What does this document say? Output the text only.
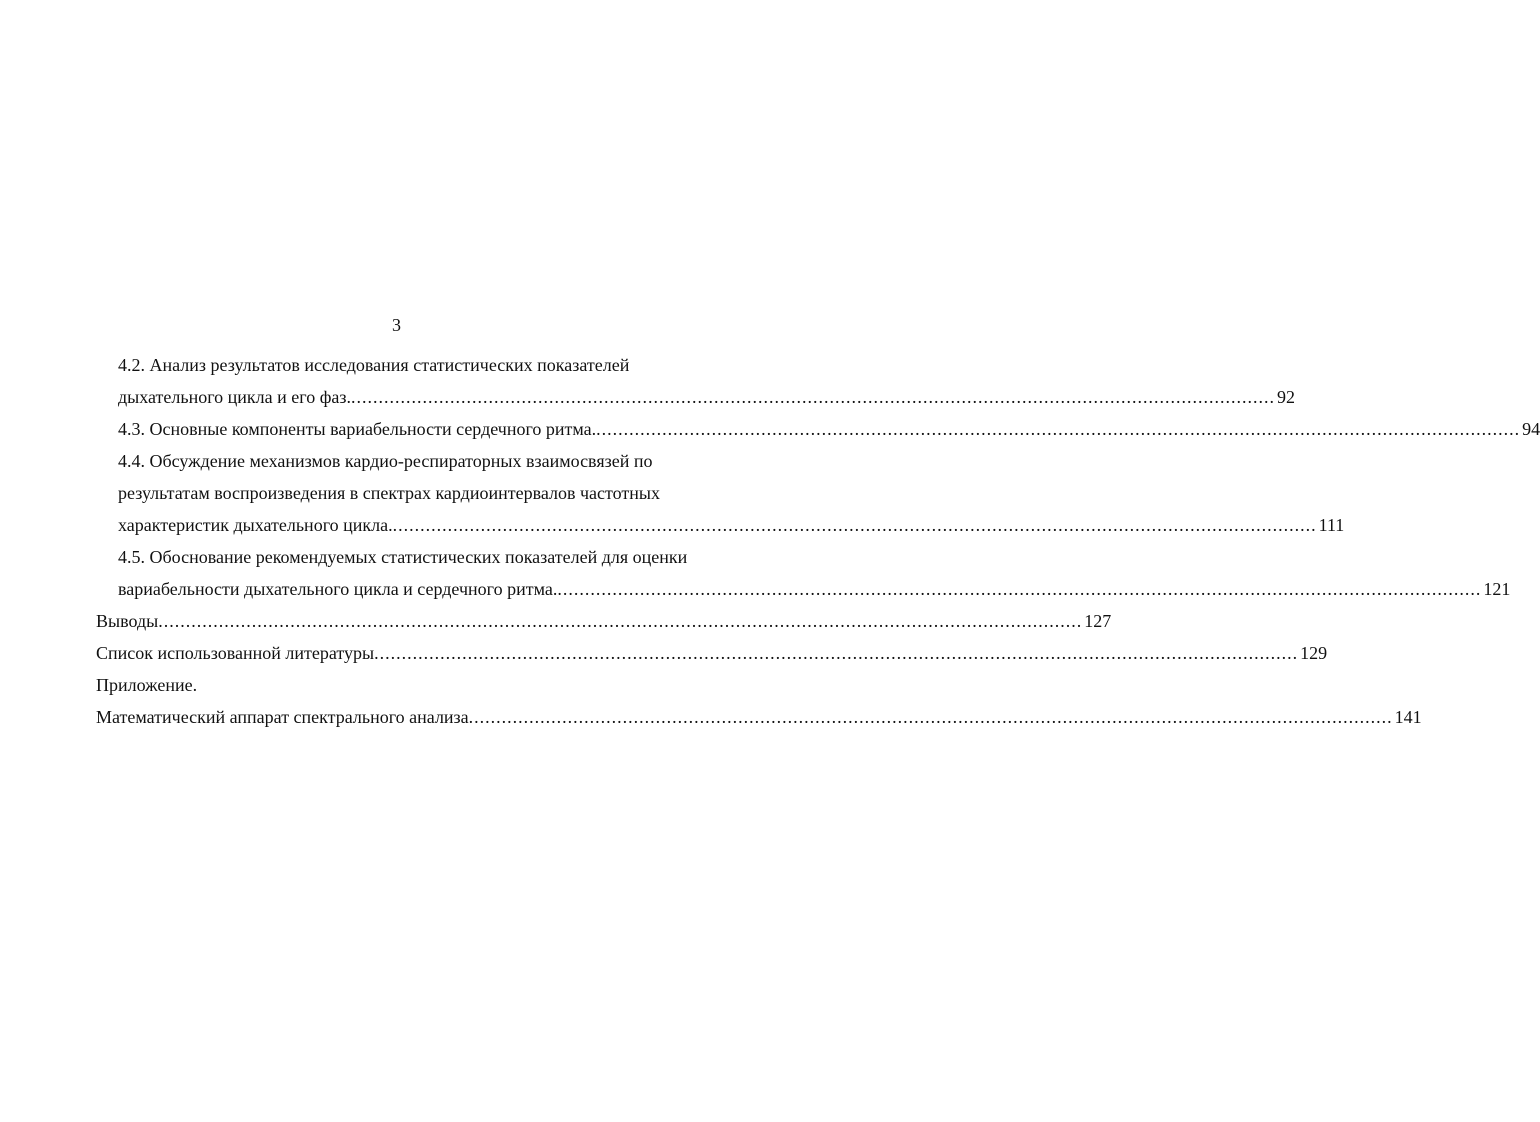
3
4.2. Анализ результатов исследования статистических показателей
дыхательного цикла и его фаз. ........................................................................................................................................................................ 92
4.3. Основные компоненты вариабельности сердечного ритма. ........................................................................................................................................................................ 94
4.4. Обсуждение механизмов кардио-респираторных взаимосвязей по
результатам воспроизведения в спектрах кардиоинтервалов частотных
характеристик дыхательного цикла. ........................................................................................................................................................................ 111
4.5. Обоснование рекомендуемых статистических показателей для оценки
вариабельности дыхательного цикла и сердечного ритма. ........................................................................................................................................................................ 121
Выводы ........................................................................................................................................................................ 127
Список использованной литературы ........................................................................................................................................................................ 129
Приложение.
Математический аппарат спектрального анализа ........................................................................................................................................................................ 141
